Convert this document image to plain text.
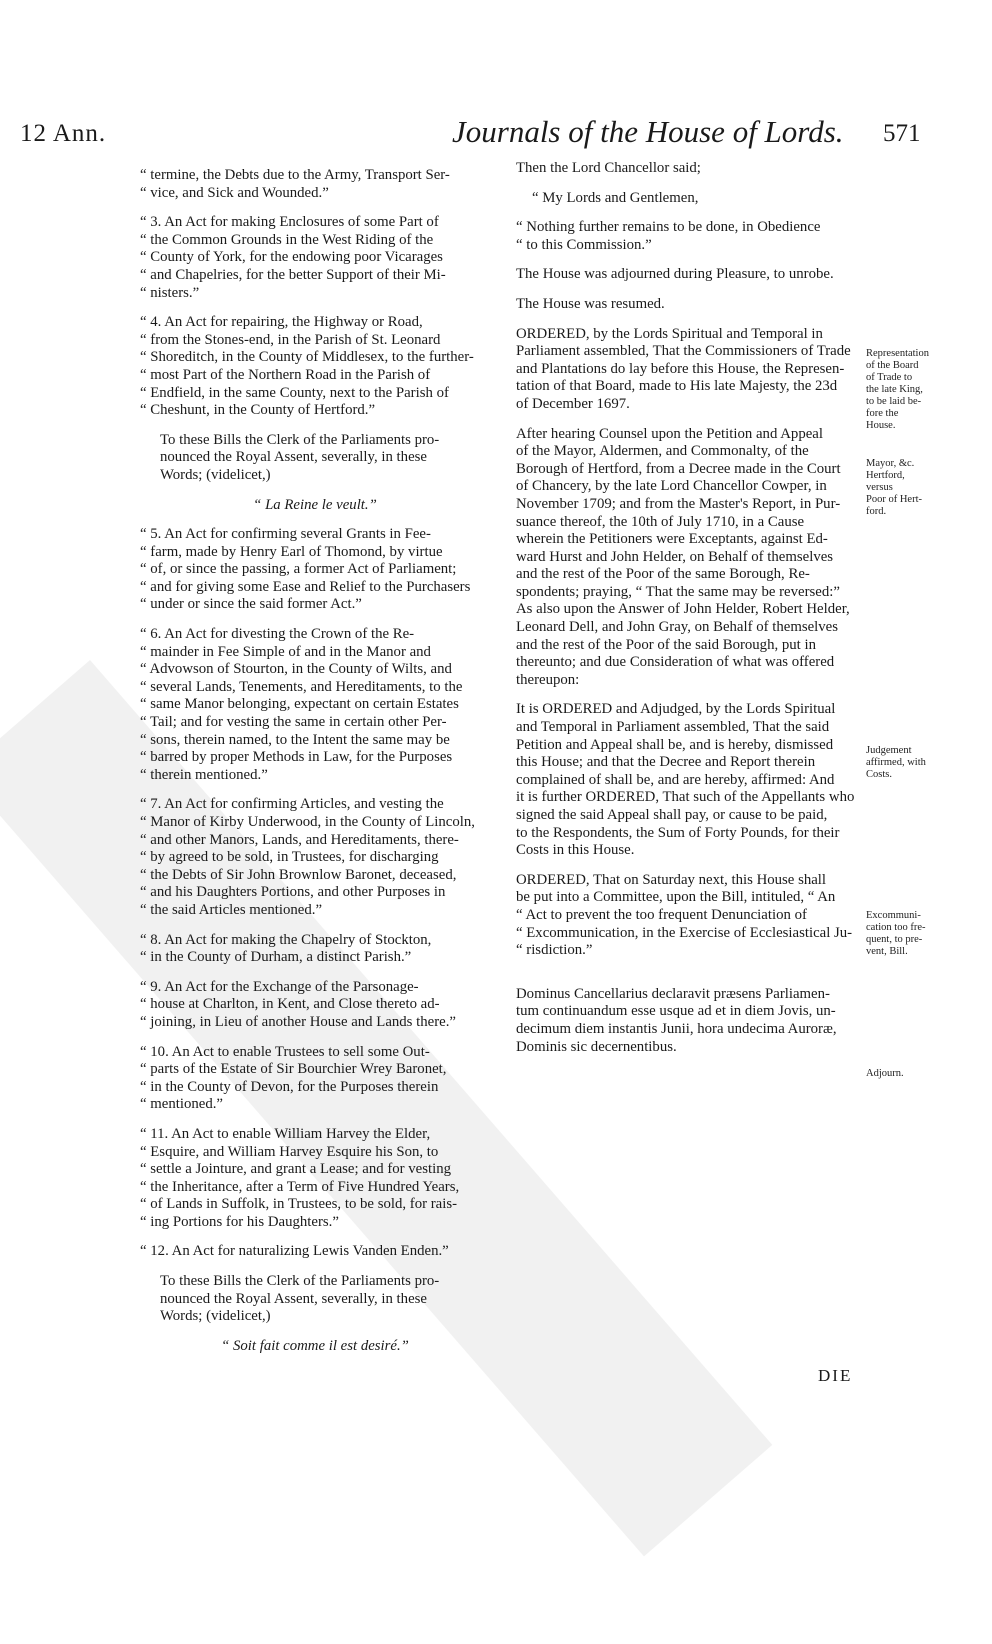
12 Ann.	Journals of the House of Lords. 571

“ termine, the Debts due to the Army, Transport Ser-
“ vice, and Sick and Wounded.”

“ 3. An Act for making Enclosures of some Part of
“ the Common Grounds in the West Riding of the
“ County of York, for the endowing poor Vicarages
“ and Chapelries, for the better Support of their Mi-
“ nisters.”

“ 4. An Act for repairing, the Highway or Road,
“ from the Stones-end, in the Parish of St. Leonard
“ Shoreditch, in the County of Middlesex, to the further-
“ most Part of the Northern Road in the Parish of
“ Endfield, in the same County, next to the Parish of
“ Cheshunt, in the County of Hertford.”

To these Bills the Clerk of the Parliaments pro-
nounced the Royal Assent, severally, in these
Words; (videlicet,)

“ La Reine le veult.”

“ 5. An Act for confirming several Grants in Fee-
“ farm, made by Henry Earl of Thomond, by virtue
“ of, or since the passing, a former Act of Parliament;
“ and for giving some Ease and Relief to the Purchasers
“ under or since the said former Act.”

“ 6. An Act for divesting the Crown of the Re-
“ mainder in Fee Simple of and in the Manor and
“ Advowson of Stourton, in the County of Wilts, and
“ several Lands, Tenements, and Hereditaments, to the
“ same Manor belonging, expectant on certain Estates
“ Tail; and for vesting the same in certain other Per-
“ sons, therein named, to the Intent the same may be
“ barred by proper Methods in Law, for the Purposes
“ therein mentioned.”

“ 7. An Act for confirming Articles, and vesting the
“ Manor of Kirby Underwood, in the County of Lincoln,
“ and other Manors, Lands, and Hereditaments, there-
“ by agreed to be sold, in Trustees, for discharging
“ the Debts of Sir John Brownlow Baronet, deceased,
“ and his Daughters Portions, and other Purposes in
“ the said Articles mentioned.”

“ 8. An Act for making the Chapelry of Stockton,
“ in the County of Durham, a distinct Parish.”

“ 9. An Act for the Exchange of the Parsonage-
“ house at Charlton, in Kent, and Close thereto ad-
“ joining, in Lieu of another House and Lands there.”

“ 10. An Act to enable Trustees to sell some Out-
“ parts of the Estate of Sir Bourchier Wrey Baronet,
“ in the County of Devon, for the Purposes therein
“ mentioned.”

“ 11. An Act to enable William Harvey the Elder,
“ Esquire, and William Harvey Esquire his Son, to
“ settle a Jointure, and grant a Lease; and for vesting
“ the Inheritance, after a Term of Five Hundred Years,
“ of Lands in Suffolk, in Trustees, to be sold, for rais-
“ ing Portions for his Daughters.”

“ 12. An Act for naturalizing Lewis Vanden Enden.”

To these Bills the Clerk of the Parliaments pro-
nounced the Royal Assent, severally, in these
Words; (videlicet,)

“ Soit fait comme il est desiré.”

Then the Lord Chancellor said;

“ My Lords and Gentlemen,

“ Nothing further remains to be done, in Obedience
“ to this Commission.”

The House was adjourned during Pleasure, to unrobe.

The House was resumed.

ORDERED, by the Lords Spiritual and Temporal in
Parliament assembled, That the Commissioners of Trade
and Plantations do lay before this House, the Represen-
tation of that Board, made to His late Majesty, the 23d
of December 1697.

After hearing Counsel upon the Petition and Appeal
of the Mayor, Aldermen, and Commonalty, of the
Borough of Hertford, from a Decree made in the Court
of Chancery, by the late Lord Chancellor Cowper, in
November 1709; and from the Master's Report, in Pur-
suance thereof, the 10th of July 1710, in a Cause
wherein the Petitioners were Exceptants, against Ed-
ward Hurst and John Helder, on Behalf of themselves
and the rest of the Poor of the same Borough, Re-
spondents; praying, “ That the same may be reversed:”
As also upon the Answer of John Helder, Robert Helder,
Leonard Dell, and John Gray, on Behalf of themselves
and the rest of the Poor of the said Borough, put in
thereunto; and due Consideration of what was offered
thereupon:

It is ORDERED and Adjudged, by the Lords Spiritual
and Temporal in Parliament assembled, That the said
Petition and Appeal shall be, and is hereby, dismissed
this House; and that the Decree and Report therein
complained of shall be, and are hereby, affirmed: And
it is further ORDERED, That such of the Appellants who
signed the said Appeal shall pay, or cause to be paid,
to the Respondents, the Sum of Forty Pounds, for their
Costs in this House.

ORDERED, That on Saturday next, this House shall
be put into a Committee, upon the Bill, intituled, “ An
“ Act to prevent the too frequent Denunciation of
“ Excommunication, in the Exercise of Ecclesiastical Ju-
“ risdiction.”

Dominus Cancellarius declaravit præsens Parliamen-
tum continuandum esse usque ad et in diem Jovis, un-
decimum diem instantis Junii, hora undecima Auroræ,
Dominis sic decernentibus.

Representation
of the Board
of Trade to
the late King,
to be laid be-
fore the
House.
Mayor, &c.
Hertford,
versus
Poor of Hert-
ford.
Judgement
affirmed, with
Costs.
Excommuni-
cation too fre-
quent, to pre-
vent, Bill.
Adjourn.
DIE
